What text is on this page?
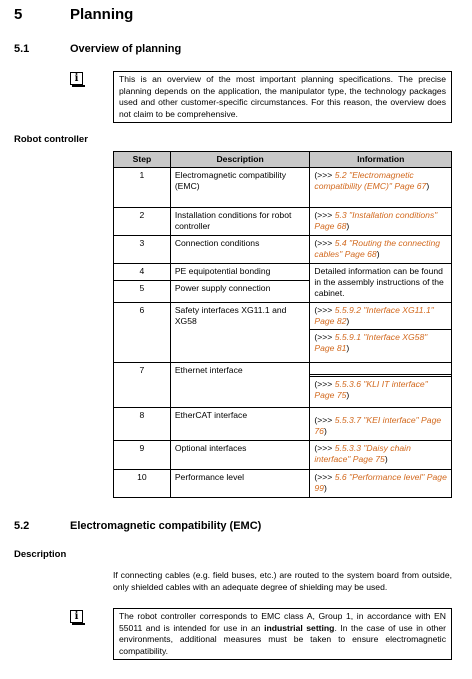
5	Planning
5.1	Overview of planning
i	This is an overview of the most important planning specifications. The precise planning depends on the application, the manipulator type, the technology packages used and other customer-specific circumstances. For this reason, the overview does not claim to be comprehensive.
Robot controller
Step	Description	Information
1	Electromagnetic compatibility (EMC)	(>>> 5.2 "Electromagnetic compatibility (EMC)" Page 67)
2	Installation conditions for robot controller	(>>> 5.3 "Installation conditions" Page 68)
3	Connection conditions	(>>> 5.4 "Routing the connecting cables" Page 68)
4	PE equipotential bonding	Detailed information can be found in the assembly instructions of the cabinet.
5	Power supply connection	
6	Safety interfaces XG11.1 and XG58	(>>> 5.5.9.2 "Interface XG11.1" Page 82)
(>>> 5.5.9.1 "Interface XG58" Page 81)

7	Ethernet interface	(>>> 5.5.3.6 "KLI IT interface" Page 75)

8	EtherCAT interface	(>>> 5.5.3.7 "KEI interface" Page 76)

9	Optional interfaces	(>>> 5.5.3.3 "Daisy chain interface" Page 75)
10	Performance level	(>>> 5.6 "Performance level" Page 99)
5.2	Electromagnetic compatibility (EMC)
Description
If connecting cables (e.g. field buses, etc.) are routed to the system board from outside, only shielded cables with an adequate degree of shielding may be used.
i	The robot controller corresponds to EMC class A, Group 1, in accordance with EN 55011 and is intended for use in an industrial setting. In the case of use in other environments, additional measures must be taken to ensure electromagnetic compatibility.
